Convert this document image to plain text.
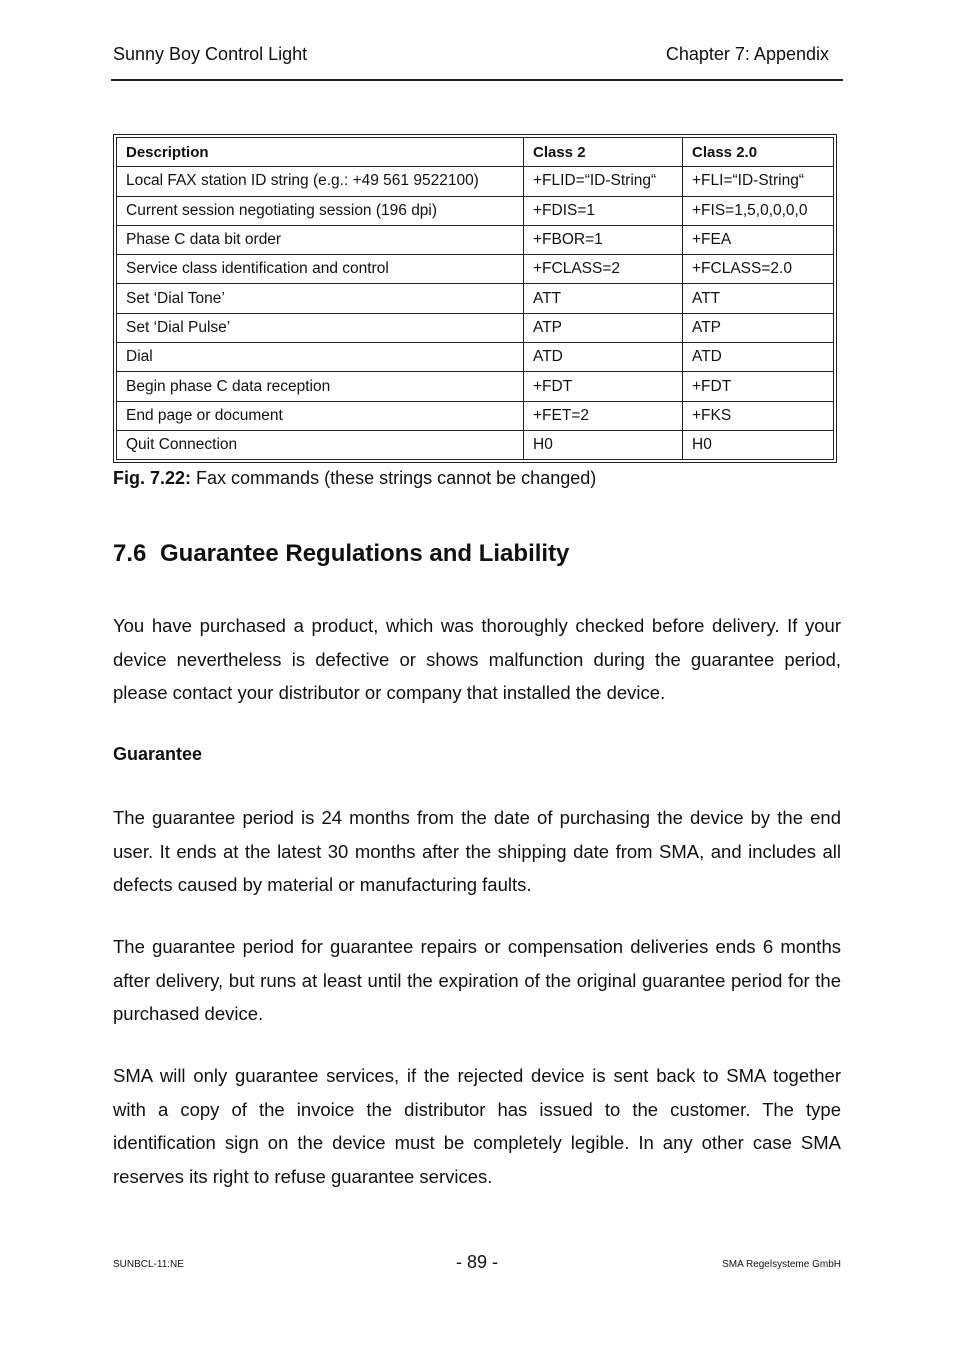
Sunny Boy Control Light	Chapter 7: Appendix
Description	Class 2	Class 2.0
Local FAX station ID string (e.g.: +49 561 9522100)	+FLID=“ID-String“	+FLI=“ID-String“
Current session negotiating session (196 dpi)	+FDIS=1	+FIS=1,5,0,0,0,0
Phase C data bit order	+FBOR=1	+FEA
Service class identification and control	+FCLASS=2	+FCLASS=2.0
Set ‘Dial Tone’	ATT	ATT
Set ‘Dial Pulse’	ATP	ATP
Dial	ATD	ATD
Begin phase C data reception	+FDT	+FDT
End page or document	+FET=2	+FKS
Quit Connection	H0	H0
Fig. 7.22: Fax commands (these strings cannot be changed)
7.6 Guarantee Regulations and Liability

You have purchased a product, which was thoroughly checked before delivery. If your device nevertheless is defective or shows malfunction during the guarantee period, please contact your distributor or company that installed the device.

Guarantee

The guarantee period is 24 months from the date of purchasing the device by the end user. It ends at the latest 30 months after the shipping date from SMA, and includes all defects caused by material or manufacturing faults.

The guarantee period for guarantee repairs or compensation deliveries ends 6 months after delivery, but runs at least until the expiration of the original guarantee period for the purchased device.

SMA will only guarantee services, if the rejected device is sent back to SMA together with a copy of the invoice the distributor has issued to the customer. The type identification sign on the device must be completely legible. In any other case SMA reserves its right to refuse guarantee services.

SUNBCL-11:NE	- 89 -	SMA Regelsysteme GmbH
